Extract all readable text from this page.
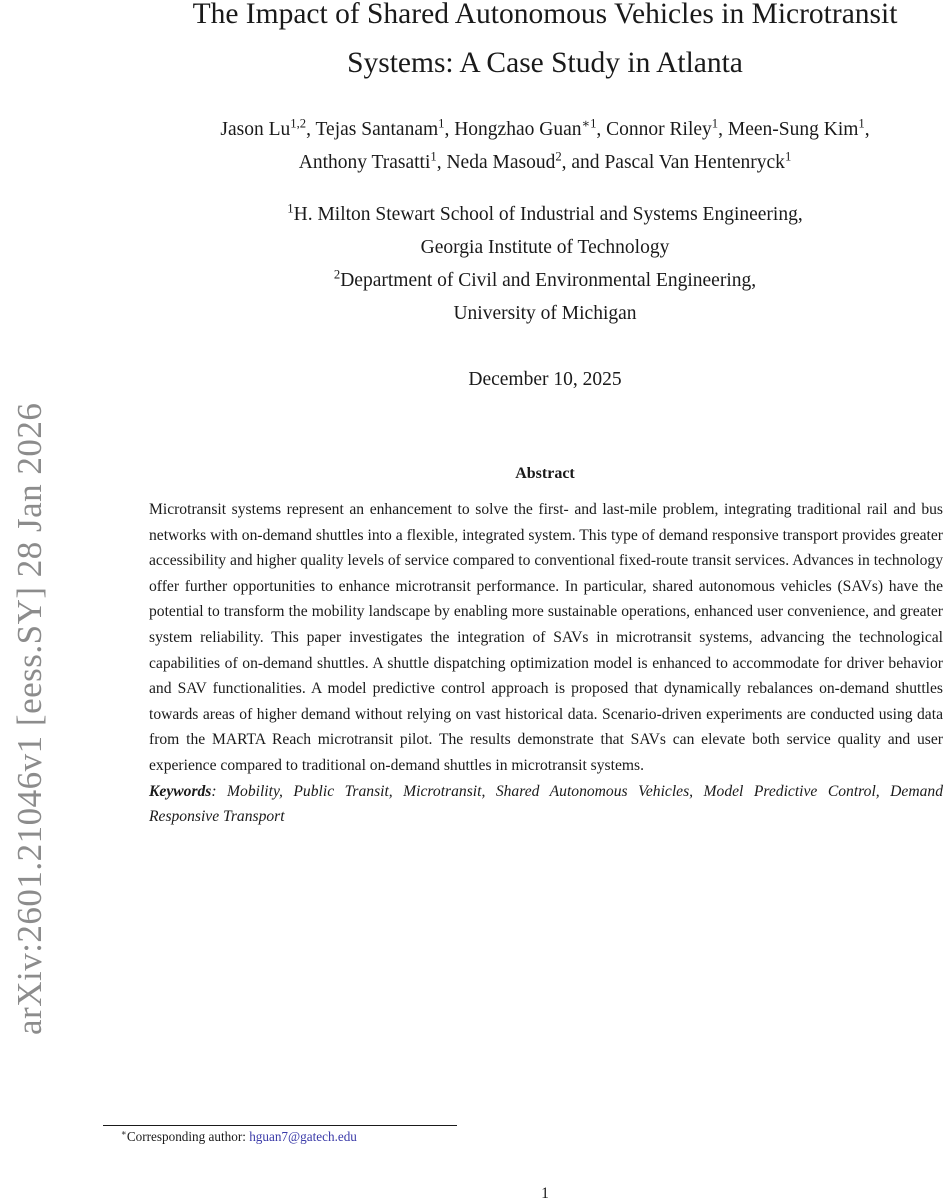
arXiv:2601.21046v1 [eess.SY] 28 Jan 2026
The Impact of Shared Autonomous Vehicles in Microtransit
Systems: A Case Study in Atlanta
Jason Lu$^{1,2}$, Tejas Santanam$^1$, Hongzhao Guan$^{∗1}$, Connor Riley$^1$, Meen-Sung Kim$^1$,
Anthony Trasatti$^1$, Neda Masoud$^2$, and Pascal Van Hentenryck$^1$
$^1$H. Milton Stewart School of Industrial and Systems Engineering,
Georgia Institute of Technology
$^2$Department of Civil and Environmental Engineering,
University of Michigan
December 10, 2025
Abstract

Microtransit systems represent an enhancement to solve the first- and last-mile problem, integrating traditional rail and bus networks with on-demand shuttles into a flexible, integrated system. This type of demand responsive transport provides greater accessibility and higher quality levels of service compared to conventional fixed-route transit services. Advances in technology offer further opportunities to enhance microtransit performance. In particular, shared autonomous vehicles (SAVs) have the potential to transform the mobility landscape by enabling more sustainable operations, enhanced user convenience, and greater system reliability. This paper investigates the integration of SAVs in microtransit systems, advancing the technological capabilities of on-demand shuttles. A shuttle dispatching optimization model is enhanced to accommodate for driver behavior and SAV functionalities. A model predictive control approach is proposed that dynamically rebalances on-demand shuttles towards areas of higher demand without relying on vast historical data. Scenario-driven experiments are conducted using data from the MARTA Reach microtransit pilot. The results demonstrate that SAVs can elevate both service quality and user experience compared to traditional on-demand shuttles in microtransit systems.

Keywords: Mobility, Public Transit, Microtransit, Shared Autonomous Vehicles, Model Predictive Control, Demand Responsive Transport

∗Corresponding author: hguan7@gatech.edu
1
